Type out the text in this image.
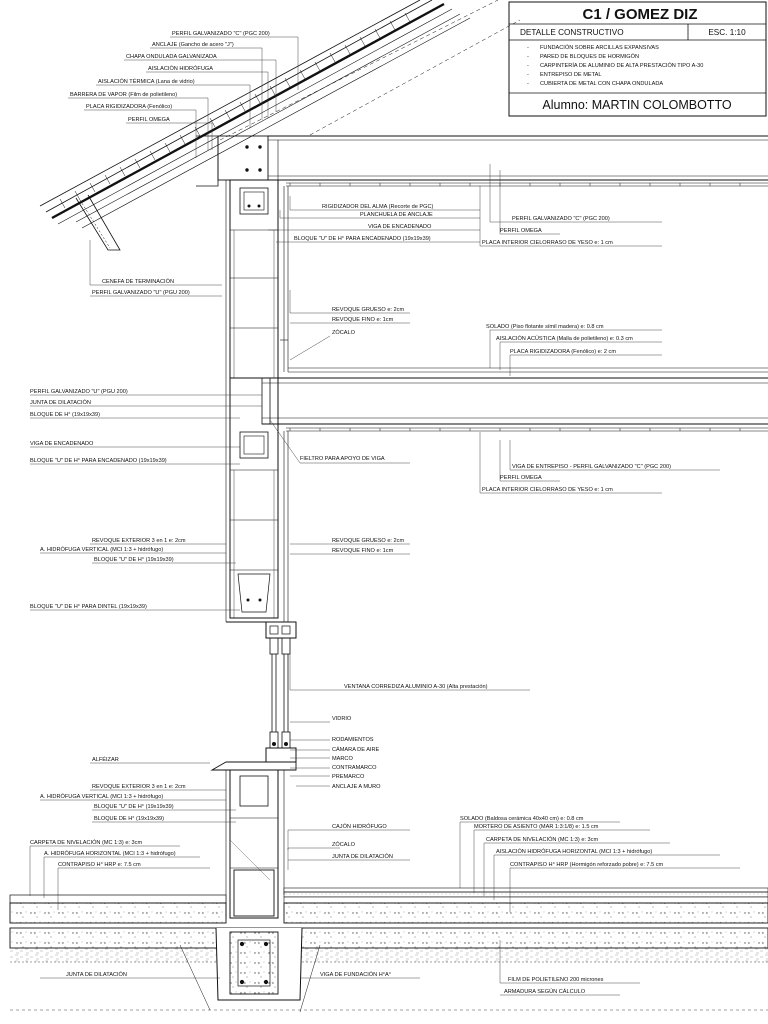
C1 / GOMEZ DIZ
DETALLE CONSTRUCTIVO	ESC. 1:10
- FUNDACIÓN SOBRE ARCILLAS EXPANSIVAS
- PARED DE BLOQUES DE HORMIGÓN
- CARPINTERÍA DE ALUMINIO DE ALTA PRESTACIÓN TIPO A-30
- ENTREPISO DE METAL
- CUBIERTA DE METAL CON CHAPA ONDULADA
Alumno: MARTIN COLOMBOTTO
PERFIL GALVANIZADO "C" (PGC 200)
ANCLAJE (Gancho de acero "J")
CHAPA ONDULADA GALVANIZADA
AISLACIÓN HIDRÓFUGA
AISLACIÓN TÉRMICA (Lana de vidrio)
BARRERA DE VAPOR (Film de polietileno)
PLACA RIGIDIZADORA (Fenólico)
PERFIL OMEGA
RIGIDIZADOR DEL ALMA (Recorte de PGC)
PLANCHUELA DE ANCLAJE
VIGA DE ENCADENADO
BLOQUE "U" DE H° PARA ENCADENADO (19x19x39)
PERFIL GALVANIZADO "C" (PGC 200)
PERFIL OMEGA
PLACA INTERIOR CIELORRASO DE YESO e: 1 cm
CENEFA DE TERMINACIÓN
PERFIL GALVANIZADO "U" (PGU 200)
REVOQUE GRUESO e: 2cm
REVOQUE FINO e: 1cm
ZÓCALO
SOLADO (Piso flotante símil madera) e: 0.8 cm
AISLACIÓN ACÚSTICA (Malla de polietileno) e: 0.3 cm
PLACA RIGIDIZADORA (Fenólico) e: 2 cm
PERFIL GALVANIZADO "U" (PGU 200)
JUNTA DE DILATACIÓN
BLOQUE DE H° (19x19x39)
VIGA DE ENCADENADO
BLOQUE "U" DE H° PARA ENCADENADO (19x19x39)	FIELTRO PARA APOYO DE VIGA
VIGA DE ENTREPISO - PERFIL GALVANIZADO "C" (PGC 200)
PERFIL OMEGA
PLACA INTERIOR CIELORRASO DE YESO e: 1 cm
REVOQUE EXTERIOR 3 en 1 e: 2cm
A. HIDRÓFUGA VERTICAL (MCI 1:3 + hidrófugo)
BLOQUE "U" DE H° (19x19x39)
REVOQUE GRUESO e: 2cm
REVOQUE FINO e: 1cm
BLOQUE "U" DE H° PARA DINTEL (19x19x39)
VENTANA CORREDIZA ALUMINIO A-30 (Alta prestación)
VIDRIO
RODAMIENTOS
CÁMARA DE AIRE
MARCO
CONTRAMARCO
PREMARCO
ANCLAJE A MURO
ALFÉIZAR
REVOQUE EXTERIOR 3 en 1 e: 2cm
A. HIDRÓFUGA VERTICAL (MCI 1:3 + hidrófugo)
BLOQUE "U" DE H° (19x19x39)
BLOQUE DE H° (19x19x39)
CAJÓN HIDRÓFUGO
ZÓCALO
JUNTA DE DILATACIÓN
CARPETA DE NIVELACIÓN (MC 1:3) e: 3cm
A. HIDRÓFUGA HORIZONTAL (MCI 1:3 + hidrófugo)
CONTRAPISO H° HRP e: 7.5 cm
SOLADO (Baldosa cerámica 40x40 cm) e: 0.8 cm
MORTERO DE ASIENTO (MAR 1:3:1/8) e: 1.5 cm
CARPETA DE NIVELACIÓN (MC 1:3) e: 3cm
AISLACIÓN HIDRÓFUGA HORIZONTAL (MCI 1:3 + hidrófugo)
CONTRAPISO H° HRP (Hormigón reforzado pobre) e: 7.5 cm
JUNTA DE DILATACIÓN	VIGA DE FUNDACIÓN H°A°
FILM DE POLIETILENO 200 micrones
ARMADURA SEGÚN CÁLCULO
